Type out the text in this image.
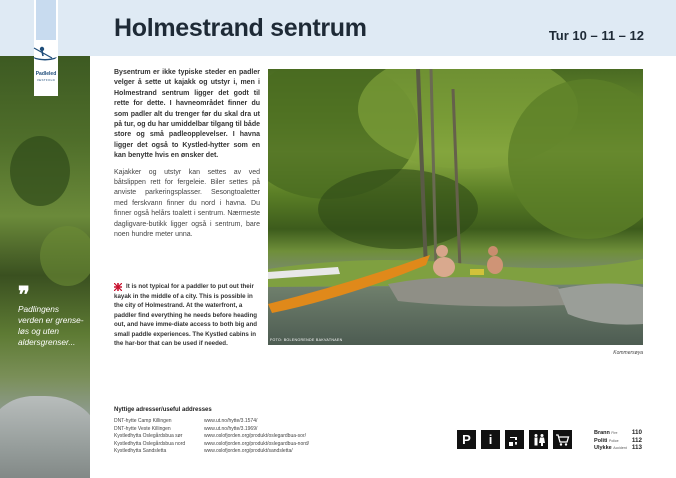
Padleled
VESTFOLD
❞
Padlingens verden er grense-løs og uten aldersgrenser...
Holmestrand sentrum	Tur 10 – 11 – 12

Bysentrum er ikke typiske steder en padler velger å sette ut kajakk og utstyr i, men i Holmestrand sentrum ligger det godt til rette for dette. I havneområdet finner du som padler alt du trenger før du skal dra ut på tur, og du har umiddelbar tilgang til både store og små padleopplevelser. I havna ligger det også to Kystled-hytter som en kan benytte hvis en ønsker det.

Kajakker og utstyr kan settes av ved båtslippen rett for fergeleie. Biler settes på anviste parkeringsplasser. Sesongtoaletter med ferskvann finner du nord i havna. Du finner også helårs toalett i sentrum. Nærmeste dagligvare-butikk ligger også i sentrum, bare noen hundre meter unna.

It is not typical for a paddler to put out their kayak in the middle of a city. This is possible in the city of Holmestrand. At the waterfront, a paddler find everything he needs before heading out, and have imme-diate access to both big and small paddle experiences. The Kystled cabins in the har-bor that can be used if needed.	FOTO: BOLENGRENDE BAKVATNAEN
Kommersøya
Nyttige adresser/useful addresses
DNT-hytte Camp Killingen	www.ut.no/hytte/3.1574/
DNT-hytte Veste Killingen	www.ut.no/hytte/3.1969/
Kystledhytta Oslegårdsbua sør	www.oslofjorden.org/produkt/oslegardbua-sor/
Kystledhytta Oslegårdsbua nord	www.oslofjorden.org/produkt/oslegardbua-nord/
Kystledhytta Sandsletta	www.oslofjorden.org/produkt/sandsletta/
P	i	Brann Fire	110
Politi Police	112
Ulykke Accident 113
